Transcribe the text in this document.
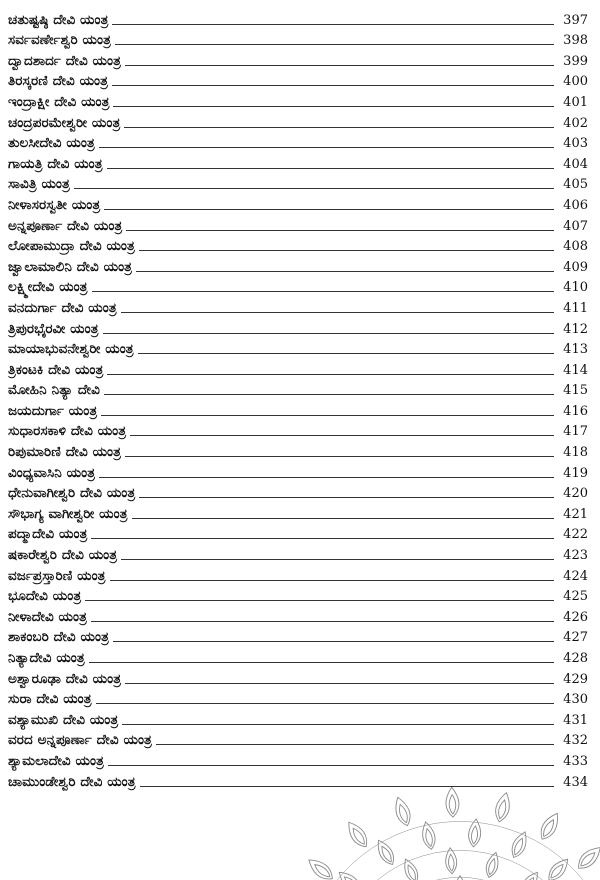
ಚತುಷ್ಟಷ್ಠಿ ದೇವಿ ಯಂತ್ರ	397
ಸರ್ವವರ್ಣೇಶ್ವರಿ ಯಂತ್ರ	398
ದ್ವಾದಶಾರ್ದ ದೇವಿ ಯಂತ್ರ	399
ತಿರಸ್ಕರಣಿ ದೇವಿ ಯಂತ್ರ	400
ಇಂದ್ರಾಕ್ಷೀ ದೇವಿ ಯಂತ್ರ	401
ಚಂದ್ರಪರಮೇಶ್ವರೀ ಯಂತ್ರ	402
ತುಲಸೀದೇವಿ ಯಂತ್ರ	403
ಗಾಯತ್ರಿ ದೇವಿ ಯಂತ್ರ	404
ಸಾವಿತ್ರಿ ಯಂತ್ರ	405
ನೀಳಾಸರಸ್ವತೀ ಯಂತ್ರ	406
ಅನ್ನಪೂರ್ಣಾ ದೇವಿ ಯಂತ್ರ	407
ಲೋಪಾಮುದ್ರಾ ದೇವಿ ಯಂತ್ರ	408
ಜ್ವಾಲಾಮಾಲಿನಿ ದೇವಿ ಯಂತ್ರ	409
ಲಕ್ಷ್ಮೀದೇವಿ ಯಂತ್ರ	410
ವನದುರ್ಗಾ ದೇವಿ ಯಂತ್ರ	411
ತ್ರಿಪುರಭೈರವೀ ಯಂತ್ರ	412
ಮಾಯಾಭುವನೇಶ್ವರೀ ಯಂತ್ರ	413
ತ್ರಿಕಂಟಕಿ ದೇವಿ ಯಂತ್ರ	414
ಮೋಹಿನಿ ನಿತ್ಯಾ ದೇವಿ	415
ಜಯದುರ್ಗಾ ಯಂತ್ರ	416
ಸುಧಾರಸಕಾಳಿ ದೇವಿ ಯಂತ್ರ	417
ರಿಪುಮಾರಿಣಿ ದೇವಿ ಯಂತ್ರ	418
ವಿಂಧ್ಯವಾಸಿನಿ ಯಂತ್ರ	419
ಧೇನುವಾಗೀಶ್ವರಿ ದೇವಿ ಯಂತ್ರ	420
ಸೌಭಾಗ್ಯ ವಾಗೀಶ್ವರೀ ಯಂತ್ರ	421
ಪದ್ಮಾದೇವಿ ಯಂತ್ರ	422
ಷಕಾರೇಶ್ವರಿ ದೇವಿ ಯಂತ್ರ	423
ವರ್ಜಪ್ರಸ್ತಾರಿಣಿ ಯಂತ್ರ	424
ಭೂದೇವಿ ಯಂತ್ರ	425
ನೀಳಾದೇವಿ ಯಂತ್ರ	426
ಶಾಕಂಬರಿ ದೇವಿ ಯಂತ್ರ	427
ನಿತ್ಯಾದೇವಿ ಯಂತ್ರ	428
ಅಶ್ವಾರೂಢಾ ದೇವಿ ಯಂತ್ರ	429
ಸುರಾ ದೇವಿ ಯಂತ್ರ	430
ವಶ್ಯಾಮುಖಿ ದೇವಿ ಯಂತ್ರ	431
ವರದ ಅನ್ನಪೂರ್ಣಾ ದೇವಿ ಯಂತ್ರ	432
ಶ್ಯಾಮಲಾದೇವಿ ಯಂತ್ರ	433
ಚಾಮುಂಡೇಶ್ವರಿ ದೇವಿ ಯಂತ್ರ	434
